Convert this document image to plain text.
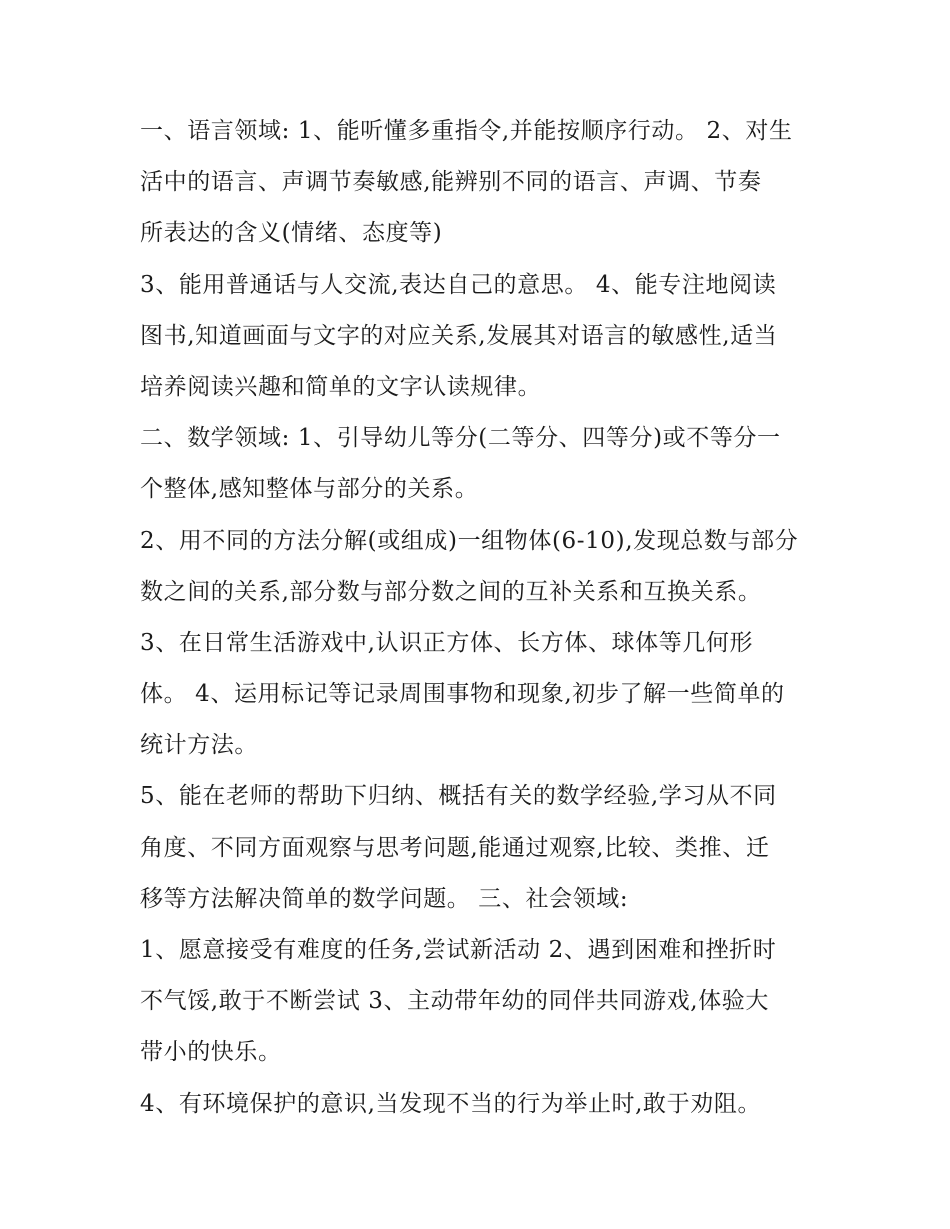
一、语言领域: 1、能听懂多重指令,并能按顺序行动。 2、对生
活中的语言、声调节奏敏感,能辨别不同的语言、声调、节奏
所表达的含义(情绪、态度等)

3、能用普通话与人交流,表达自己的意思。 4、能专注地阅读
图书,知道画面与文字的对应关系,发展其对语言的敏感性,适当
培养阅读兴趣和简单的文字认读规律。

二、数学领域: 1、引导幼儿等分(二等分、四等分)或不等分一
个整体,感知整体与部分的关系。

2、用不同的方法分解(或组成)一组物体(6-10),发现总数与部分
数之间的关系,部分数与部分数之间的互补关系和互换关系。

3、在日常生活游戏中,认识正方体、长方体、球体等几何形
体。 4、运用标记等记录周围事物和现象,初步了解一些简单的
统计方法。

5、能在老师的帮助下归纳、概括有关的数学经验,学习从不同
角度、不同方面观察与思考问题,能通过观察,比较、类推、迁
移等方法解决简单的数学问题。 三、社会领域:

1、愿意接受有难度的任务,尝试新活动 2、遇到困难和挫折时
不气馁,敢于不断尝试 3、主动带年幼的同伴共同游戏,体验大
带小的快乐。

4、有环境保护的意识,当发现不当的行为举止时,敢于劝阻。
